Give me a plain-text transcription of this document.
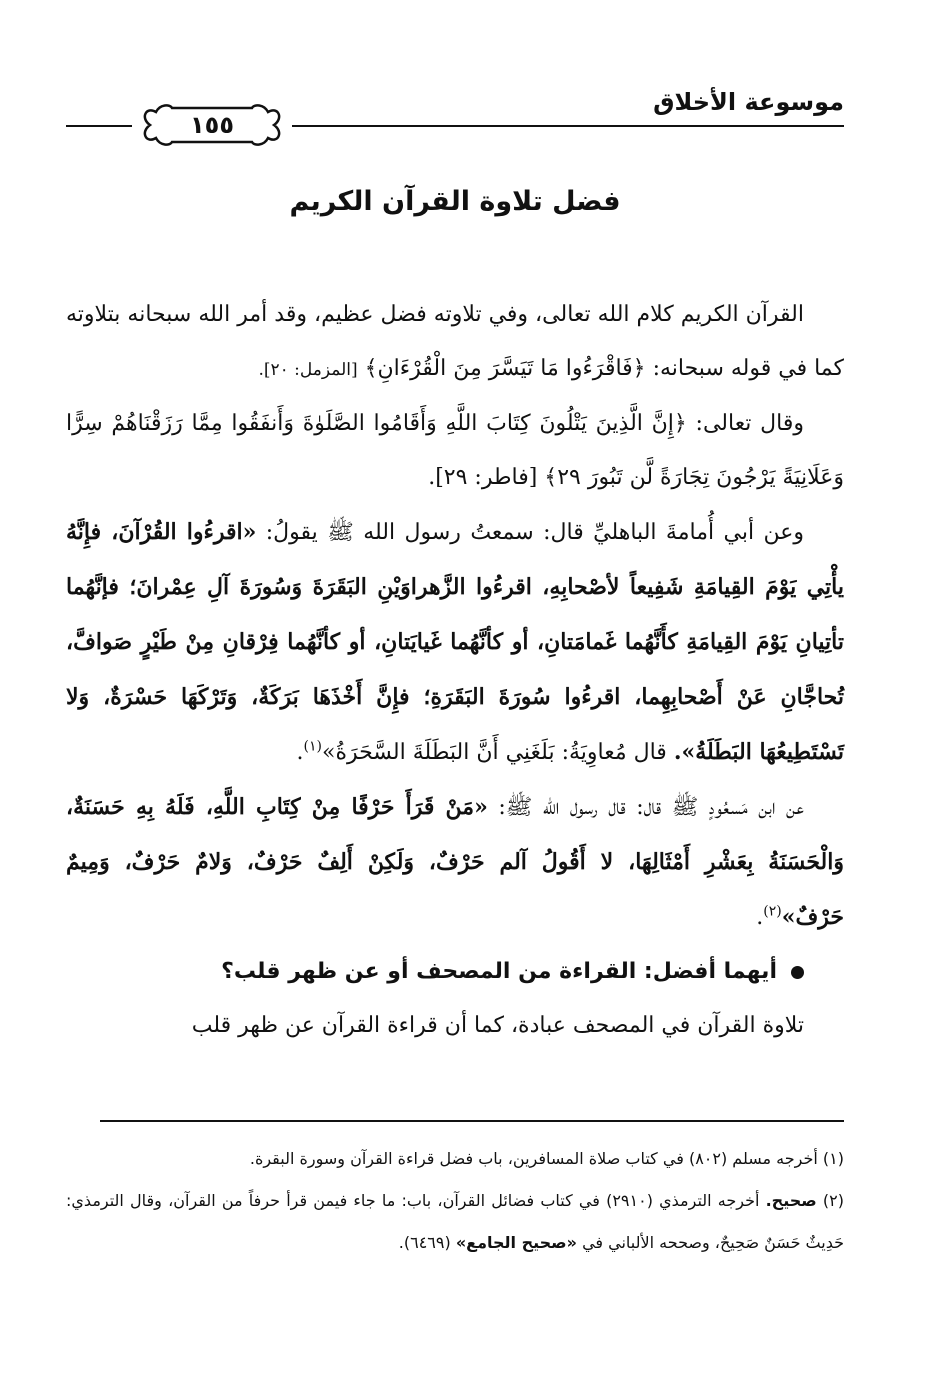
موسوعة الأخلاق
١٥٥
فضل تلاوة القرآن الكريم

القرآن الكريم كلام الله تعالى، وفي تلاوته فضل عظيم، وقد أمر الله سبحانه بتلاوته كما في قوله سبحانه: ﴿فَاقْرَءُوا مَا تَيَسَّرَ مِنَ الْقُرْءَانِ﴾ [المزمل: ٢٠].

وقال تعالى: ﴿إِنَّ الَّذِينَ يَتْلُونَ كِتَابَ اللَّهِ وَأَقَامُوا الصَّلَوٰةَ وَأَنفَقُوا مِمَّا رَزَقْنَاهُمْ سِرًّا وَعَلَانِيَةً يَرْجُونَ تِجَارَةً لَّن تَبُورَ ٢٩﴾ [فاطر: ٢٩].

وعن أبي أُمامةَ الباهليِّ قال: سمعتُ رسول الله ﷺ يقولُ: «اقرءُوا القُرْآنَ، فإِنَّهُ يأْتِي يَوْمَ القِيامَةِ شَفِيعاً لأصْحابِهِ، اقرءُوا الزَّهراوَيْنِ البَقَرَةَ وَسُورَةَ آلِ عِمْرانَ؛ فإنَّهُما تأتِيانِ يَوْمَ القِيامَةِ كأَنَّهُما غَمامَتانِ، أو كأنَّهُما غَيايَتانِ، أو كأنَّهُما فِرْقانِ مِنْ طَيْرٍ صَوافَّ، تُحاجَّانِ عَنْ أَصْحابِهِما، اقرءُوا سُورَةَ البَقَرَةِ؛ فإِنَّ أَخْذَهَا بَرَكَةٌ، وَتَرْكَهَا حَسْرَةٌ، وَلا تَسْتَطِيعُهَا البَطَلَةُ». قال مُعاوِيَةُ: بَلَغَنِي أَنَّ البَطَلَةَ السَّحَرَةُ»$^{(١)}$.

عن ابن مَسعُودٍ ﷺ قال: قال رسول الله ﷺ: «مَنْ قَرَأَ حَرْفًا مِنْ كِتَابِ اللَّهِ، فَلَهُ بِهِ حَسَنَةٌ، وَالْحَسَنَةُ بِعَشْرِ أَمْثَالِهَا، لا أَقُولُ آلم حَرْفٌ، وَلَكِنْ أَلِفٌ حَرْفٌ، وَلامٌ حَرْفٌ، وَمِيمٌ حَرْفٌ»$^{(٢)}$.

أيهما أفضل: القراءة من المصحف أو عن ظهر قلب؟

تلاوة القرآن في المصحف عبادة، كما أن قراءة القرآن عن ظهر قلب

(١) أخرجه مسلم (٨٠٢) في كتاب صلاة المسافرين، باب فضل قراءة القرآن وسورة البقرة.

(٢) صحيح. أخرجه الترمذي (٢٩١٠) في كتاب فضائل القرآن، باب: ما جاء فيمن قرأ حرفاً من القرآن، وقال الترمذي: حَدِيثٌ حَسَنٌ صَحِيحٌ، وصححه الألباني في «صحيح الجامع» (٦٤٦٩).
